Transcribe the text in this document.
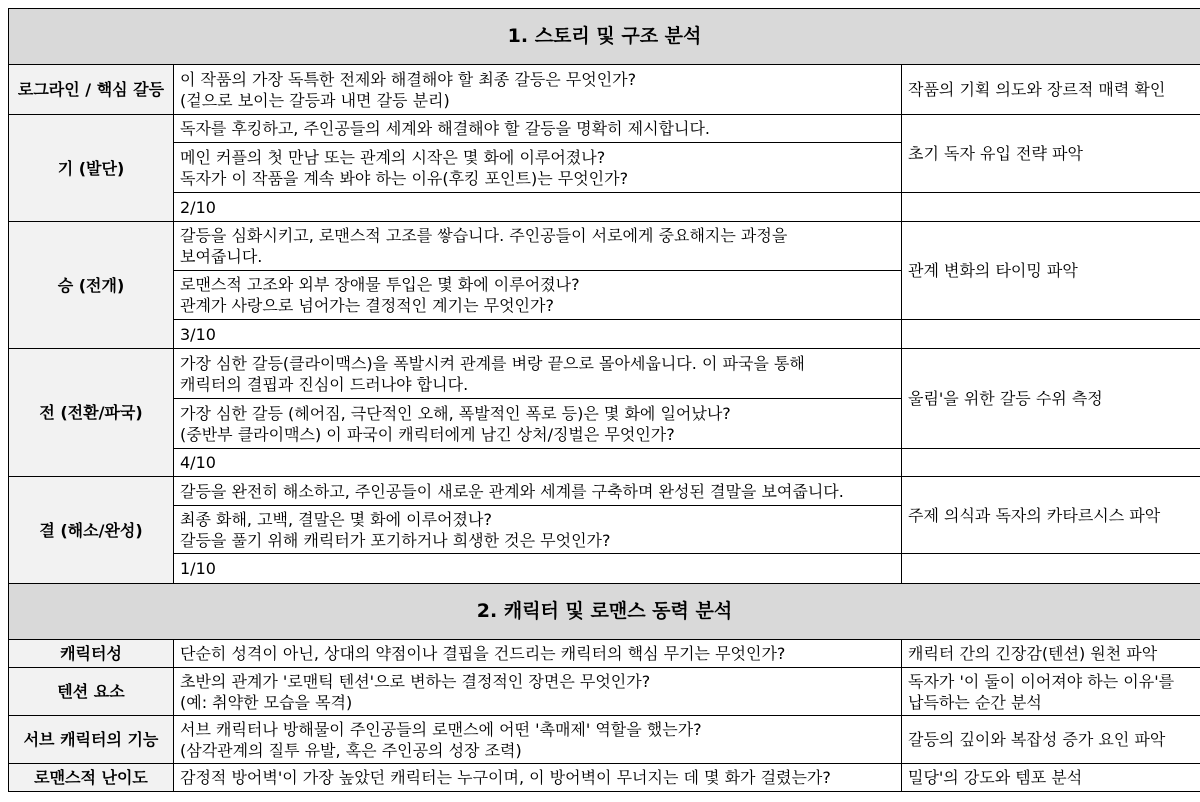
1. 스토리 및 구조 분석		
로그라인 / 핵심 갈등	이 작품의 가장 독특한 전제와 해결해야 할 최종 갈등은 무엇인가?
(겉으로 보이는 갈등과 내면 갈등 분리)	작품의 기획 의도와 장르적 매력 확인
기 (발단)	독자를 후킹하고, 주인공들의 세계와 해결해야 할 갈등을 명확히 제시합니다.	초기 독자 유입 전략 파악
	메인 커플의 첫 만남 또는 관계의 시작은 몇 화에 이루어졌나?
독자가 이 작품을 계속 봐야 하는 이유(후킹 포인트)는 무엇인가?	
	2/10	
승 (전개)	갈등을 심화시키고, 로맨스적 고조를 쌓습니다. 주인공들이 서로에게 중요해지는 과정을
보여줍니다.	관계 변화의 타이밍 파악
	로맨스적 고조와 외부 장애물 투입은 몇 화에 이루어졌나?
관계가 사랑으로 넘어가는 결정적인 계기는 무엇인가?	
	3/10	
전 (전환/파국)	가장 심한 갈등(클라이맥스)을 폭발시켜 관계를 벼랑 끝으로 몰아세웁니다. 이 파국을 통해
캐릭터의 결핍과 진심이 드러나야 합니다.	울림'을 위한 갈등 수위 측정
	가장 심한 갈등 (헤어짐, 극단적인 오해, 폭발적인 폭로 등)은 몇 화에 일어났나?
(중반부 클라이맥스) 이 파국이 캐릭터에게 남긴 상처/징벌은 무엇인가?	
	4/10	
결 (해소/완성)	갈등을 완전히 해소하고, 주인공들이 새로운 관계와 세계를 구축하며 완성된 결말을 보여줍니다.	주제 의식과 독자의 카타르시스 파악
	최종 화해, 고백, 결말은 몇 화에 이루어졌나?
갈등을 풀기 위해 캐릭터가 포기하거나 희생한 것은 무엇인가?	
	1/10	
2. 캐릭터 및 로맨스 동력 분석		
캐릭터성	단순히 성격이 아닌, 상대의 약점이나 결핍을 건드리는 캐릭터의 핵심 무기는 무엇인가?	캐릭터 간의 긴장감(텐션) 원천 파악
텐션 요소	초반의 관계가 '로맨틱 텐션'으로 변하는 결정적인 장면은 무엇인가?
(예: 취약한 모습을 목격)	독자가 '이 둘이 이어져야 하는 이유'를
납득하는 순간 분석
서브 캐릭터의 기능	서브 캐릭터나 방해물이 주인공들의 로맨스에 어떤 '촉매제' 역할을 했는가?
(삼각관계의 질투 유발, 혹은 주인공의 성장 조력)	갈등의 깊이와 복잡성 증가 요인 파악
로맨스적 난이도	감정적 방어벽'이 가장 높았던 캐릭터는 누구이며, 이 방어벽이 무너지는 데 몇 화가 걸렸는가?	밀당'의 강도와 템포 분석
